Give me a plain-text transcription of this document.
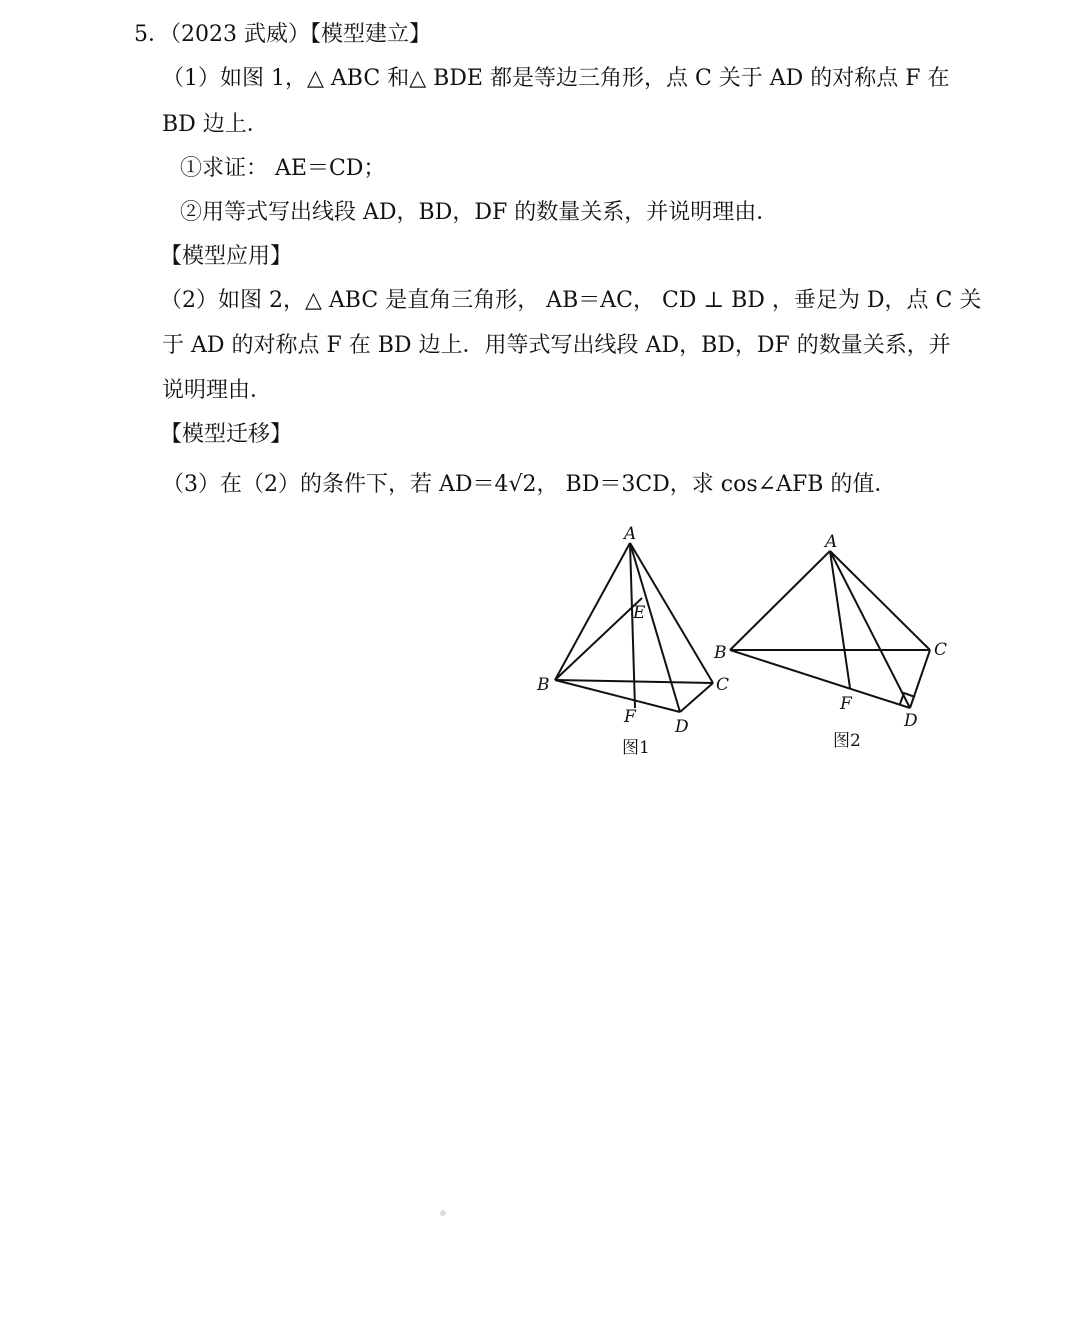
5．（2023 武威）【模型建立】
（1）如图 1，△ ABC 和△ BDE 都是等边三角形，点 C 关于 AD 的对称点 F 在
BD 边上．
①求证： AE＝CD；
②用等式写出线段 AD，BD，DF 的数量关系，并说明理由．
【模型应用】
（2）如图 2，△ ABC 是直角三角形， AB＝AC， CD ⊥ BD ，垂足为 D，点 C 关
于 AD 的对称点 F 在 BD 边上．用等式写出线段 AD，BD，DF 的数量关系，并
说明理由．
【模型迁移】
（3）在（2）的条件下，若 AD＝4√2， BD＝3CD，求 cos∠AFB 的值．
A
B	C
D
E
F
图1
A
B	C
D
F
图2
